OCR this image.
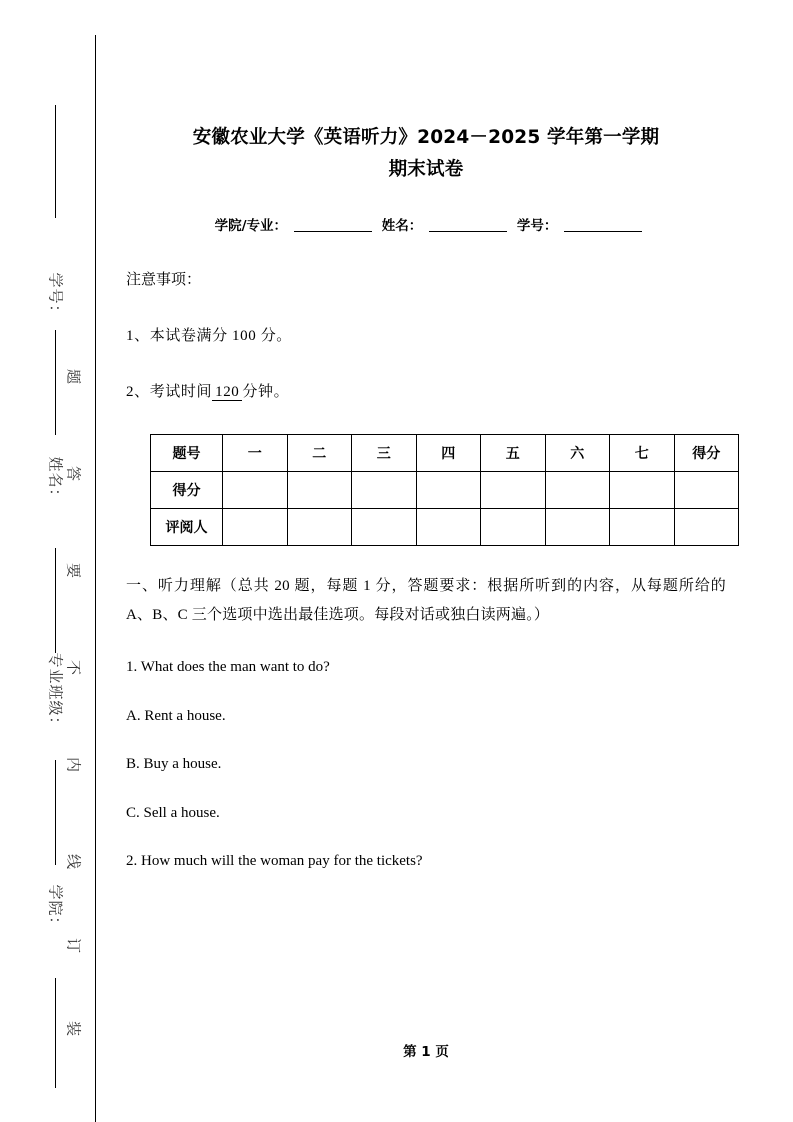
学号：
姓名：
专业班级：
学院：
题
答
要
不
内
线
订
装
安徽农业大学《英语听力》2024－2025 学年第一学期
期末试卷
学院/专业：	姓名：	学号：

注意事项：

1、本试卷满分 100 分。

2、考试时间 120 分钟。

题号	一	二	三	四	五	六	七	得分
得分								
评阅人								

一、听力理解（总共 20 题，每题 1 分，答题要求：根据所听到的内容，从每题所给的 A、B、C 三个选项中选出最佳选项。每段对话或独白读两遍。）

1. What does the man want to do?

A. Rent a house.

B. Buy a house.

C. Sell a house.

2. How much will the woman pay for the tickets?

第 1 页
